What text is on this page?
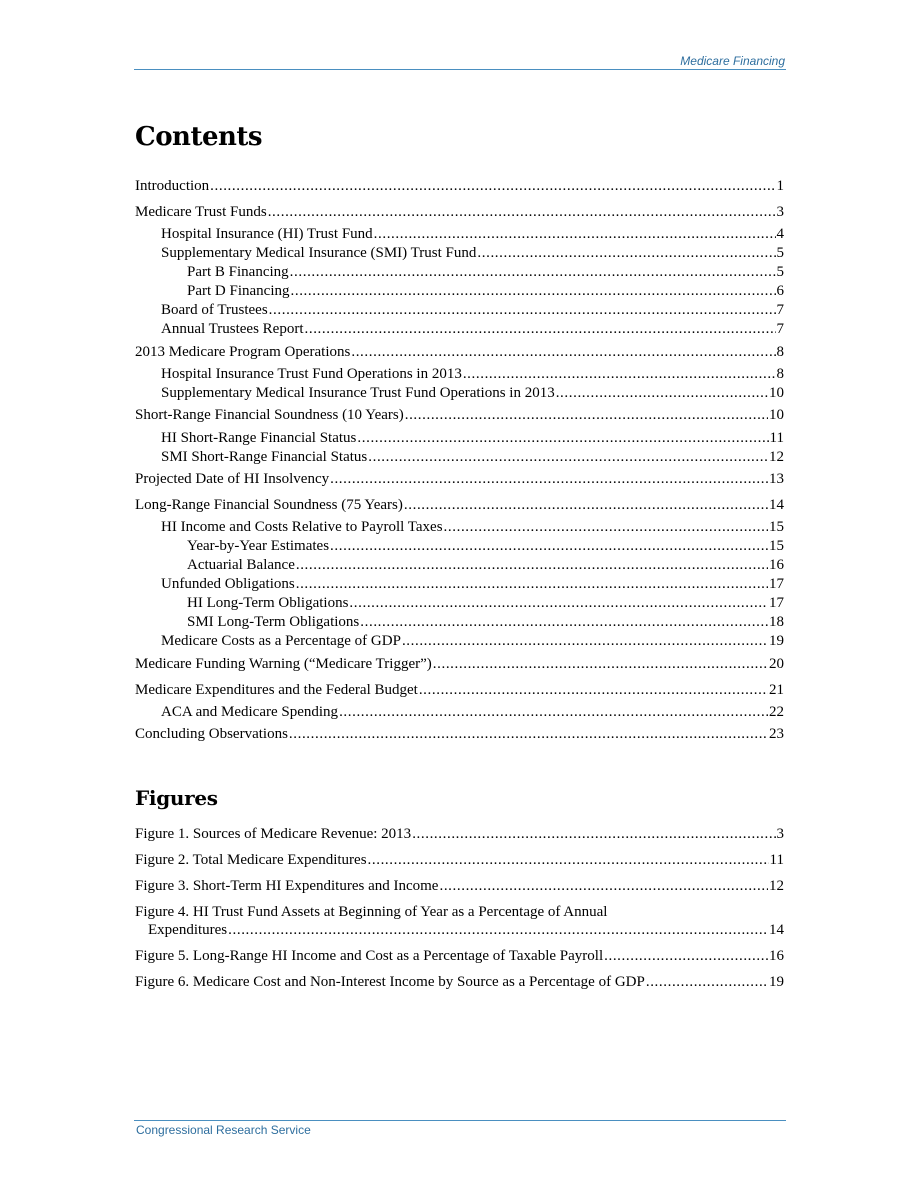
Medicare Financing
Contents
Introduction .....	1
Medicare Trust Funds .....	3
Hospital Insurance (HI) Trust Fund .....	4
Supplementary Medical Insurance (SMI) Trust Fund .....	5
Part B Financing .....	5
Part D Financing .....	6
Board of Trustees .....	7
Annual Trustees Report .....	7
2013 Medicare Program Operations .....	8
Hospital Insurance Trust Fund Operations in 2013 .....	8
Supplementary Medical Insurance Trust Fund Operations in 2013 .....	10
Short-Range Financial Soundness (10 Years) .....	10
HI Short-Range Financial Status .....	11
SMI Short-Range Financial Status .....	12
Projected Date of HI Insolvency .....	13
Long-Range Financial Soundness (75 Years) .....	14
HI Income and Costs Relative to Payroll Taxes .....	15
Year-by-Year Estimates .....	15
Actuarial Balance .....	16
Unfunded Obligations .....	17
HI Long-Term Obligations .....	17
SMI Long-Term Obligations .....	18
Medicare Costs as a Percentage of GDP .....	19
Medicare Funding Warning (“Medicare Trigger”) .....	20
Medicare Expenditures and the Federal Budget .....	21
ACA and Medicare Spending .....	22
Concluding Observations .....	23
Figures
Figure 1. Sources of Medicare Revenue: 2013 .....	3
Figure 2. Total Medicare Expenditures .....	11
Figure 3. Short-Term HI Expenditures and Income .....	12
Figure 4. HI Trust Fund Assets at Beginning of Year as a Percentage of Annual
Expenditures .....	14
Figure 5. Long-Range HI Income and Cost as a Percentage of Taxable Payroll .....	16
Figure 6. Medicare Cost and Non-Interest Income by Source as a Percentage of GDP .....	19
Congressional Research Service
